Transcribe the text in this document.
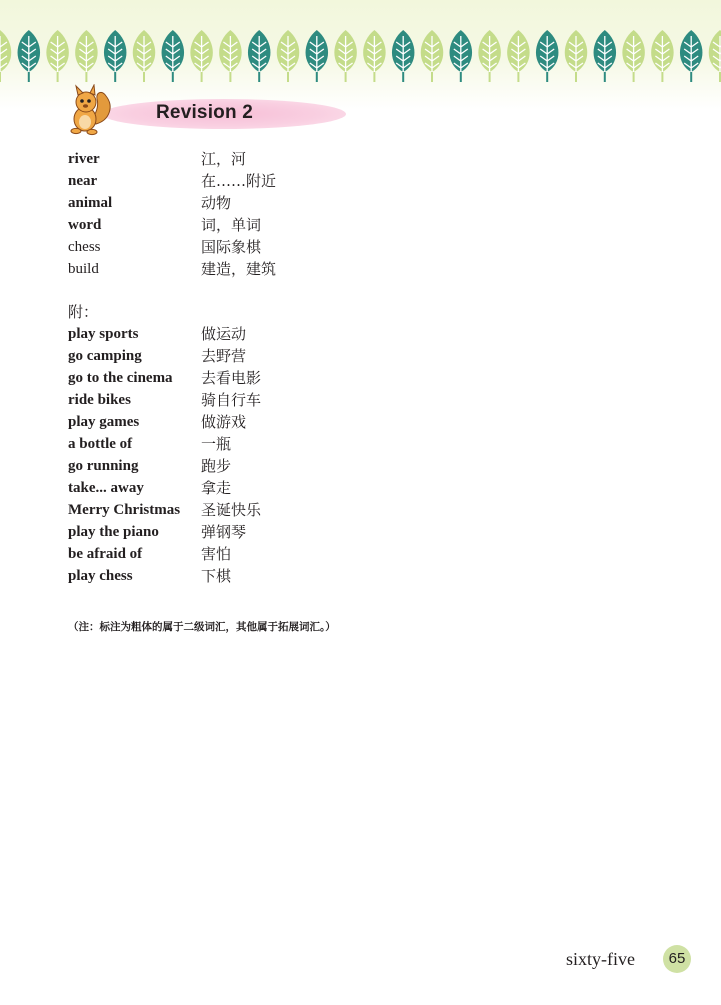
Revision 2
river	江，河
near	在……附近
animal	动物
word	词，单词
chess	国际象棋
build	建造，建筑
附：
play sports	做运动
go camping	去野营
go to the cinema 去看电影
ride bikes	骑自行车
play games	做游戏
a bottle of	一瓶
go running	跑步
take... away	拿走
Merry Christmas 圣诞快乐
play the piano	弹钢琴
be afraid of	害怕
play chess	下棋
（注：标注为粗体的属于二级词汇，其他属于拓展词汇。）
sixty-five	65
